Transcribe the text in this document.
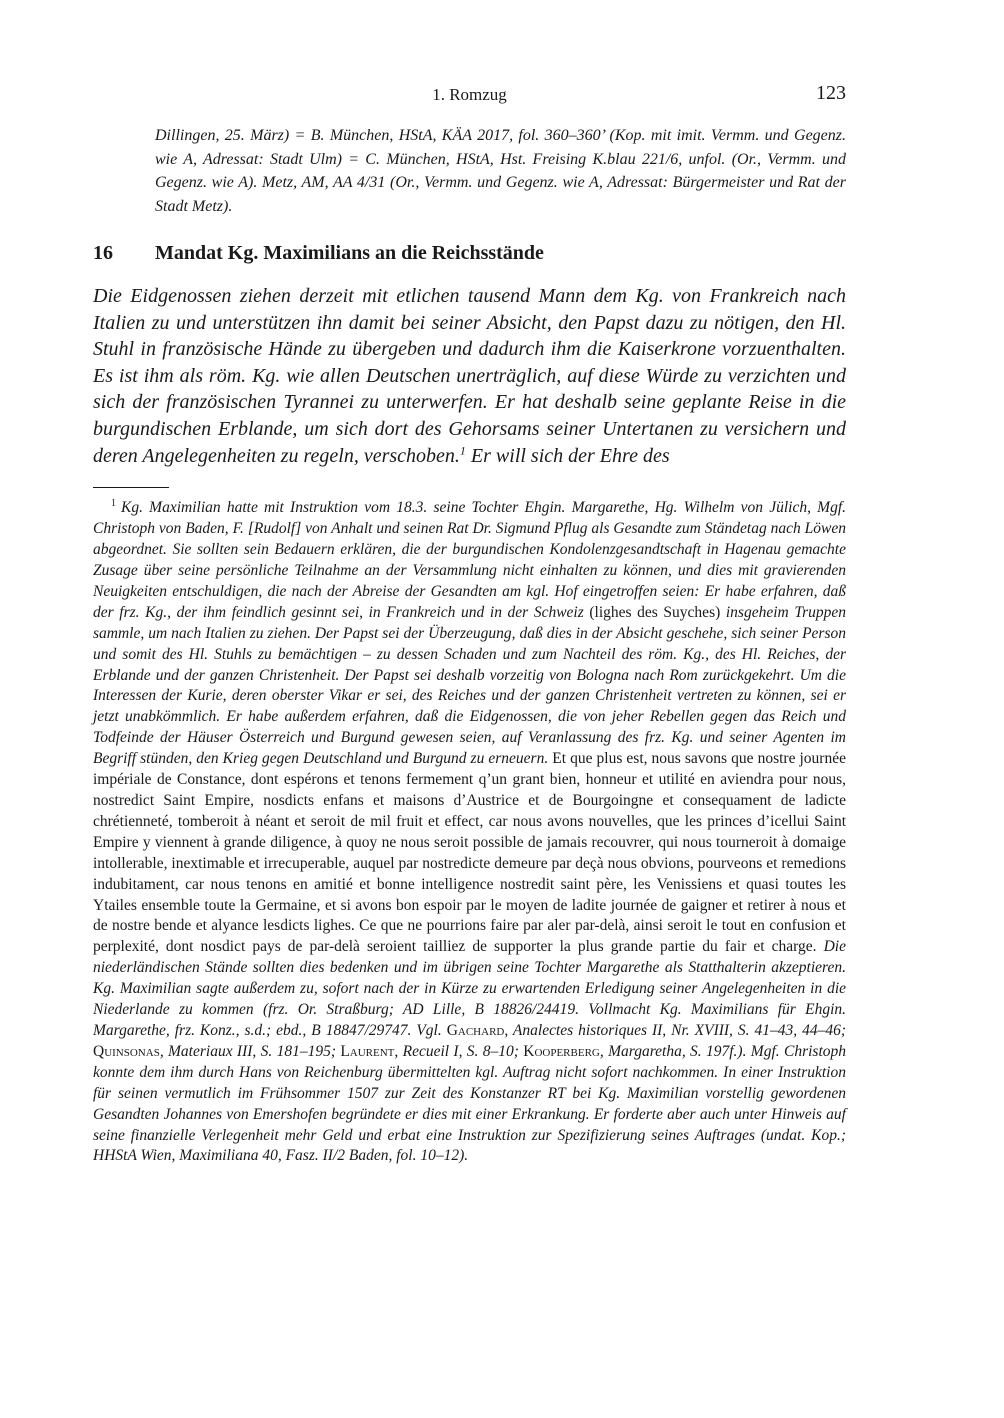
1. Romzug	123
Dillingen, 25. März) = B. München, HStA, KÄA 2017, fol. 360–360’ (Kop. mit imit. Vermm. und Gegenz. wie A, Adressat: Stadt Ulm) = C. München, HStA, Hst. Freising K.blau 221/6, unfol. (Or., Vermm. und Gegenz. wie A). Metz, AM, AA 4/31 (Or., Vermm. und Gegenz. wie A, Adressat: Bürgermeister und Rat der Stadt Metz).
16	Mandat Kg. Maximilians an die Reichsstände
Die Eidgenossen ziehen derzeit mit etlichen tausend Mann dem Kg. von Frankreich nach Italien zu und unterstützen ihn damit bei seiner Absicht, den Papst dazu zu nötigen, den Hl. Stuhl in französische Hände zu übergeben und dadurch ihm die Kaiserkrone vorzuenthalten. Es ist ihm als röm. Kg. wie allen Deutschen unerträglich, auf diese Würde zu verzichten und sich der französischen Tyrannei zu unterwerfen. Er hat deshalb seine geplante Reise in die burgundischen Erblande, um sich dort des Gehorsams seiner Untertanen zu versichern und deren Angelegenheiten zu regeln, verschoben.$^1$ Er will sich der Ehre des
$^1$ Kg. Maximilian hatte mit Instruktion vom 18.3. seine Tochter Ehgin. Margarethe, Hg. Wilhelm von Jülich, Mgf. Christoph von Baden, F. [Rudolf] von Anhalt und seinen Rat Dr. Sigmund Pflug als Gesandte zum Ständetag nach Löwen abgeordnet. Sie sollten sein Bedauern erklären, die der burgundischen Kondolenzgesandtschaft in Hagenau gemachte Zusage über seine persönliche Teilnahme an der Versammlung nicht einhalten zu können, und dies mit gravierenden Neuigkeiten entschuldigen, die nach der Abreise der Gesandten am kgl. Hof eingetroffen seien: Er habe erfahren, daß der frz. Kg., der ihm feindlich gesinnt sei, in Frankreich und in der Schweiz (lighes des Suyches) insgeheim Truppen sammle, um nach Italien zu ziehen. Der Papst sei der Überzeugung, daß dies in der Absicht geschehe, sich seiner Person und somit des Hl. Stuhls zu bemächtigen – zu dessen Schaden und zum Nachteil des röm. Kg., des Hl. Reiches, der Erblande und der ganzen Christenheit. Der Papst sei deshalb vorzeitig von Bologna nach Rom zurückgekehrt. Um die Interessen der Kurie, deren oberster Vikar er sei, des Reiches und der ganzen Christenheit vertreten zu können, sei er jetzt unabkömmlich. Er habe außerdem erfahren, daß die Eidgenossen, die von jeher Rebellen gegen das Reich und Todfeinde der Häuser Österreich und Burgund gewesen seien, auf Veranlassung des frz. Kg. und seiner Agenten im Begriff stünden, den Krieg gegen Deutschland und Burgund zu erneuern. Et que plus est, nous savons que nostre journée impériale de Constance, dont espérons et tenons fermement q’un grant bien, honneur et utilité en aviendra pour nous, nostredict Saint Empire, nosdicts enfans et maisons d’Austrice et de Bourgoingne et consequament de ladicte chrétienneté, tomberoit à néant et seroit de mil fruit et effect, car nous avons nouvelles, que les princes d’icellui Saint Empire y viennent à grande diligence, à quoy ne nous seroit possible de jamais recouvrer, qui nous tourneroit à domaige intollerable, inextimable et irrecuperable, auquel par nostredicte demeure par deçà nous obvions, pourveons et remedions indubitament, car nous tenons en amitié et bonne intelligence nostredit saint père, les Venissiens et quasi toutes les Ytailes ensemble toute la Germaine, et si avons bon espoir par le moyen de ladite journée de gaigner et retirer à nous et de nostre bende et alyance lesdicts lighes. Ce que ne pourrions faire par aler par-delà, ainsi seroit le tout en confusion et perplexité, dont nosdict pays de par-delà seroient tailliez de supporter la plus grande partie du fair et charge. Die niederländischen Stände sollten dies bedenken und im übrigen seine Tochter Margarethe als Statthalterin akzeptieren. Kg. Maximilian sagte außerdem zu, sofort nach der in Kürze zu erwartenden Erledigung seiner Angelegenheiten in die Niederlande zu kommen (frz. Or. Straßburg; AD Lille, B 18826/24419. Vollmacht Kg. Maximilians für Ehgin. Margarethe, frz. Konz., s.d.; ebd., B 18847/29747. Vgl. Gachard, Analectes historiques II, Nr. XVIII, S. 41–43, 44–46; Quinsonas, Materiaux III, S. 181–195; Laurent, Recueil I, S. 8–10; Kooperberg, Margaretha, S. 197f.). Mgf. Christoph konnte dem ihm durch Hans von Reichenburg übermittelten kgl. Auftrag nicht sofort nachkommen. In einer Instruktion für seinen vermutlich im Frühsommer 1507 zur Zeit des Konstanzer RT bei Kg. Maximilian vorstellig gewordenen Gesandten Johannes von Emershofen begründete er dies mit einer Erkrankung. Er forderte aber auch unter Hinweis auf seine finanzielle Verlegenheit mehr Geld und erbat eine Instruktion zur Spezifizierung seines Auftrages (undat. Kop.; HHStA Wien, Maximiliana 40, Fasz. II/2 Baden, fol. 10–12).
